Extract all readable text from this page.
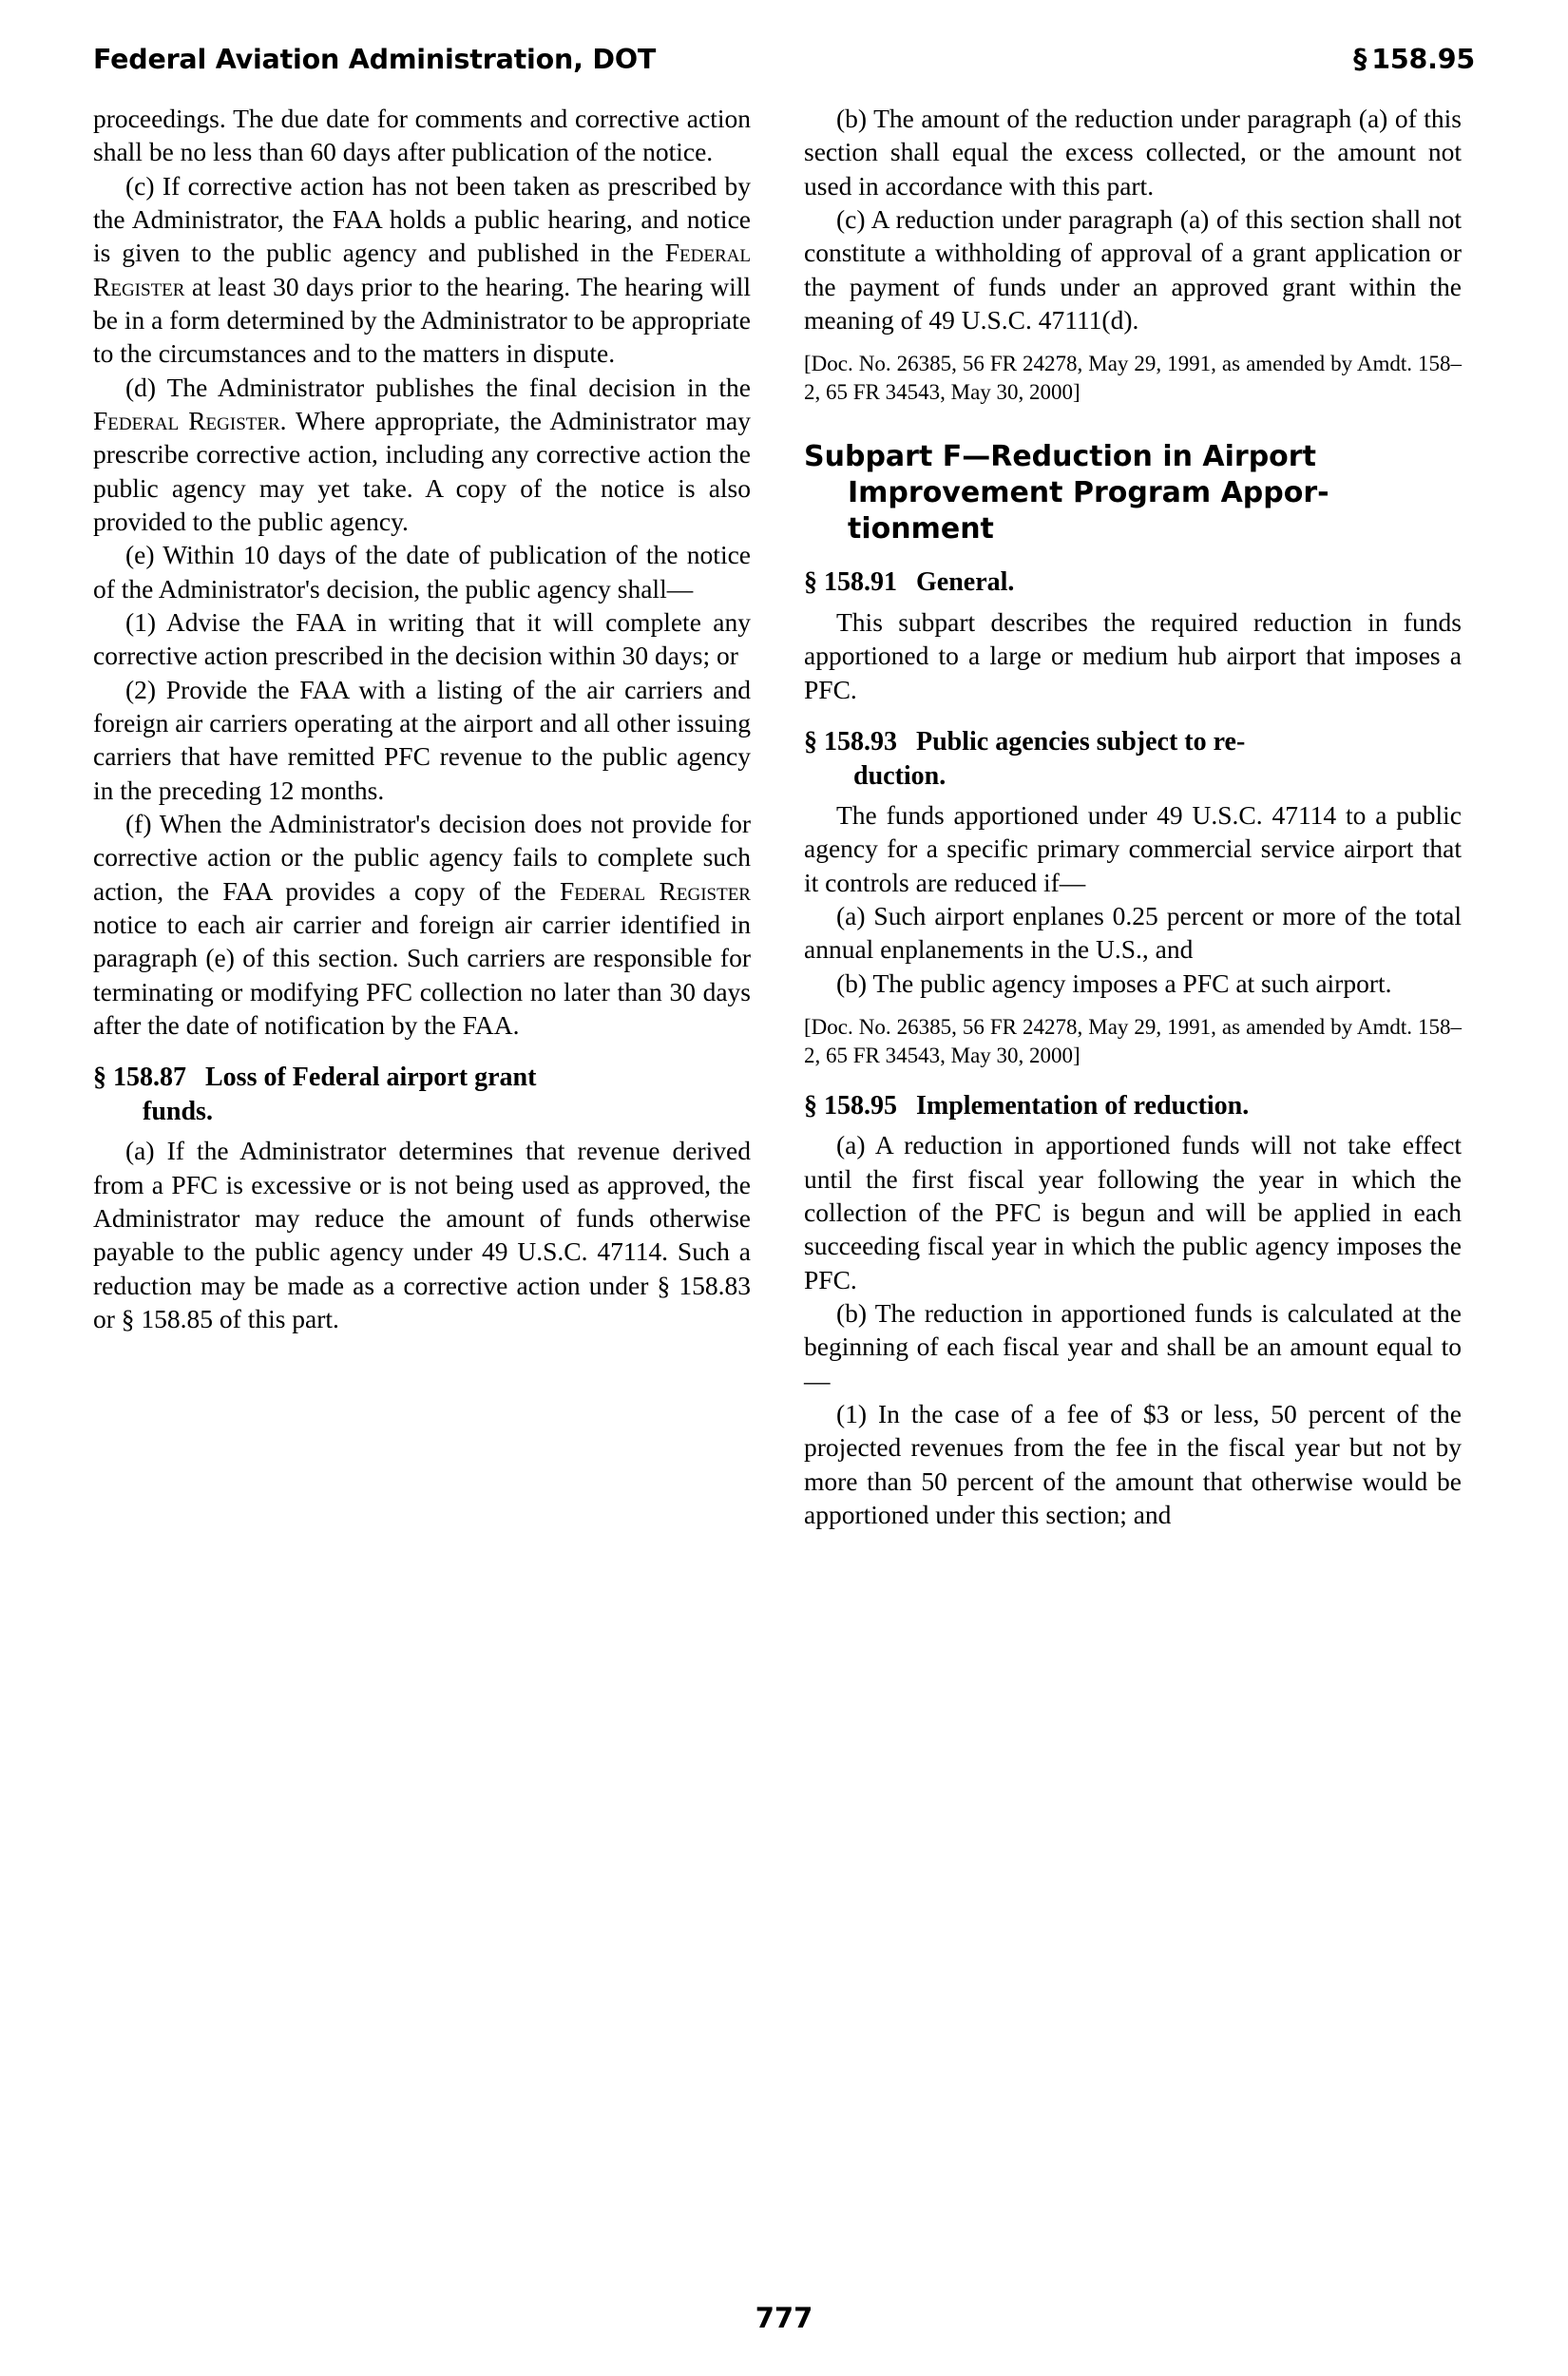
Federal Aviation Administration, DOT	§ 158.95

proceedings. The due date for comments and corrective action shall be no less than 60 days after publication of the notice.

(c) If corrective action has not been taken as prescribed by the Administrator, the FAA holds a public hearing, and notice is given to the public agency and published in the Federal Register at least 30 days prior to the hearing. The hearing will be in a form determined by the Administrator to be appropriate to the circumstances and to the matters in dispute.

(d) The Administrator publishes the final decision in the Federal Register. Where appropriate, the Administrator may prescribe corrective action, including any corrective action the public agency may yet take. A copy of the notice is also provided to the public agency.

(e) Within 10 days of the date of publication of the notice of the Administrator's decision, the public agency shall—

(1) Advise the FAA in writing that it will complete any corrective action prescribed in the decision within 30 days; or

(2) Provide the FAA with a listing of the air carriers and foreign air carriers operating at the airport and all other issuing carriers that have remitted PFC revenue to the public agency in the preceding 12 months.

(f) When the Administrator's decision does not provide for corrective action or the public agency fails to complete such action, the FAA provides a copy of the Federal Register notice to each air carrier and foreign air carrier identified in paragraph (e) of this section. Such carriers are responsible for terminating or modifying PFC collection no later than 30 days after the date of notification by the FAA.

§ 158.87 Loss of Federal airport grant
funds.

(a) If the Administrator determines that revenue derived from a PFC is excessive or is not being used as approved, the Administrator may reduce the amount of funds otherwise payable to the public agency under 49 U.S.C. 47114. Such a reduction may be made as a corrective action under § 158.83 or § 158.85 of this part.

(b) The amount of the reduction under paragraph (a) of this section shall equal the excess collected, or the amount not used in accordance with this part.

(c) A reduction under paragraph (a) of this section shall not constitute a withholding of approval of a grant application or the payment of funds under an approved grant within the meaning of 49 U.S.C. 47111(d).

[Doc. No. 26385, 56 FR 24278, May 29, 1991, as amended by Amdt. 158–2, 65 FR 34543, May 30, 2000]

Subpart F—Reduction in Airport
Improvement Program Appor-
tionment
§ 158.91 General.

This subpart describes the required reduction in funds apportioned to a large or medium hub airport that imposes a PFC.

§ 158.93 Public agencies subject to re-
duction.

The funds apportioned under 49 U.S.C. 47114 to a public agency for a specific primary commercial service airport that it controls are reduced if—

(a) Such airport enplanes 0.25 percent or more of the total annual enplanements in the U.S., and

(b) The public agency imposes a PFC at such airport.

[Doc. No. 26385, 56 FR 24278, May 29, 1991, as amended by Amdt. 158–2, 65 FR 34543, May 30, 2000]

§ 158.95 Implementation of reduction.

(a) A reduction in apportioned funds will not take effect until the first fiscal year following the year in which the collection of the PFC is begun and will be applied in each succeeding fiscal year in which the public agency imposes the PFC.

(b) The reduction in apportioned funds is calculated at the beginning of each fiscal year and shall be an amount equal to—

(1) In the case of a fee of $3 or less, 50 percent of the projected revenues from the fee in the fiscal year but not by more than 50 percent of the amount that otherwise would be apportioned under this section; and

777
